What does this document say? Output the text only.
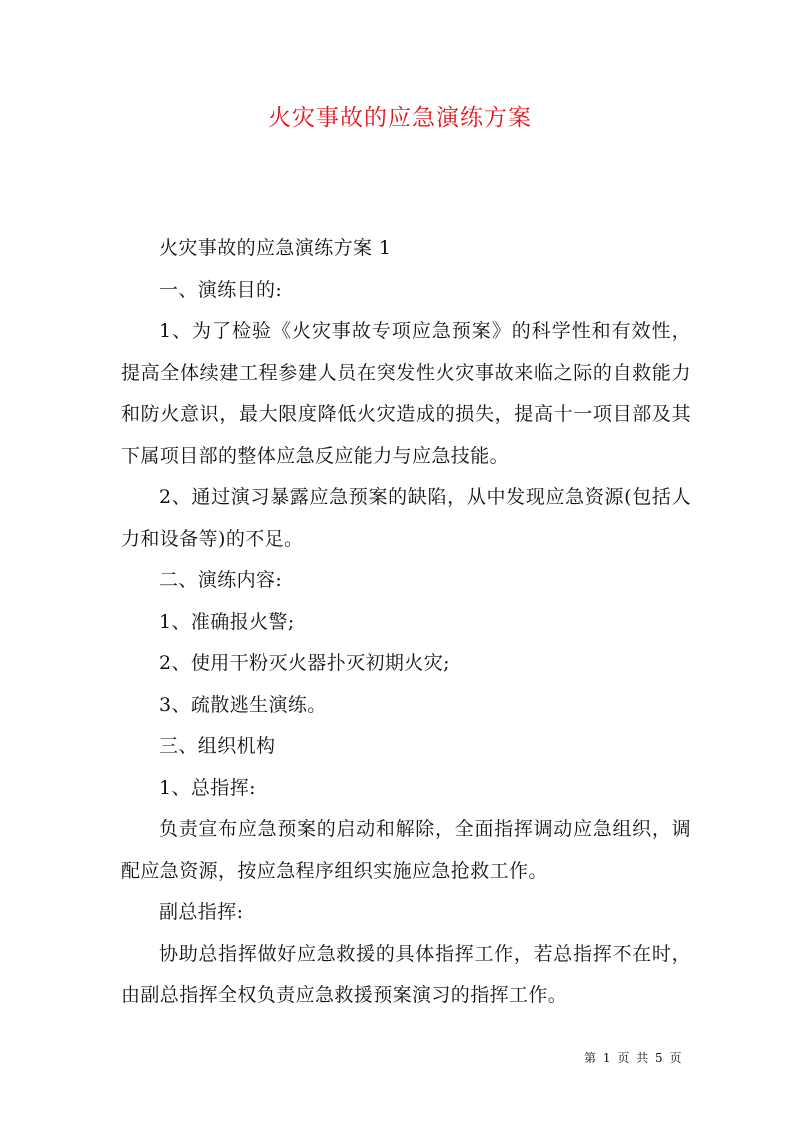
火灾事故的应急演练方案

火灾事故的应急演练方案 1

一、演练目的:

1、为了检验《火灾事故专项应急预案》的科学性和有效性，提高全体续建工程参建人员在突发性火灾事故来临之际的自救能力和防火意识，最大限度降低火灾造成的损失，提高十一项目部及其下属项目部的整体应急反应能力与应急技能。

2、通过演习暴露应急预案的缺陷，从中发现应急资源(包括人力和设备等)的不足。

二、演练内容:

1、准确报火警;

2、使用干粉灭火器扑灭初期火灾;

3、疏散逃生演练。

三、组织机构

1、总指挥:

负责宣布应急预案的启动和解除，全面指挥调动应急组织，调配应急资源，按应急程序组织实施应急抢救工作。

副总指挥:

协助总指挥做好应急救援的具体指挥工作，若总指挥不在时，由副总指挥全权负责应急救援预案演习的指挥工作。

第 1 页 共 5 页
